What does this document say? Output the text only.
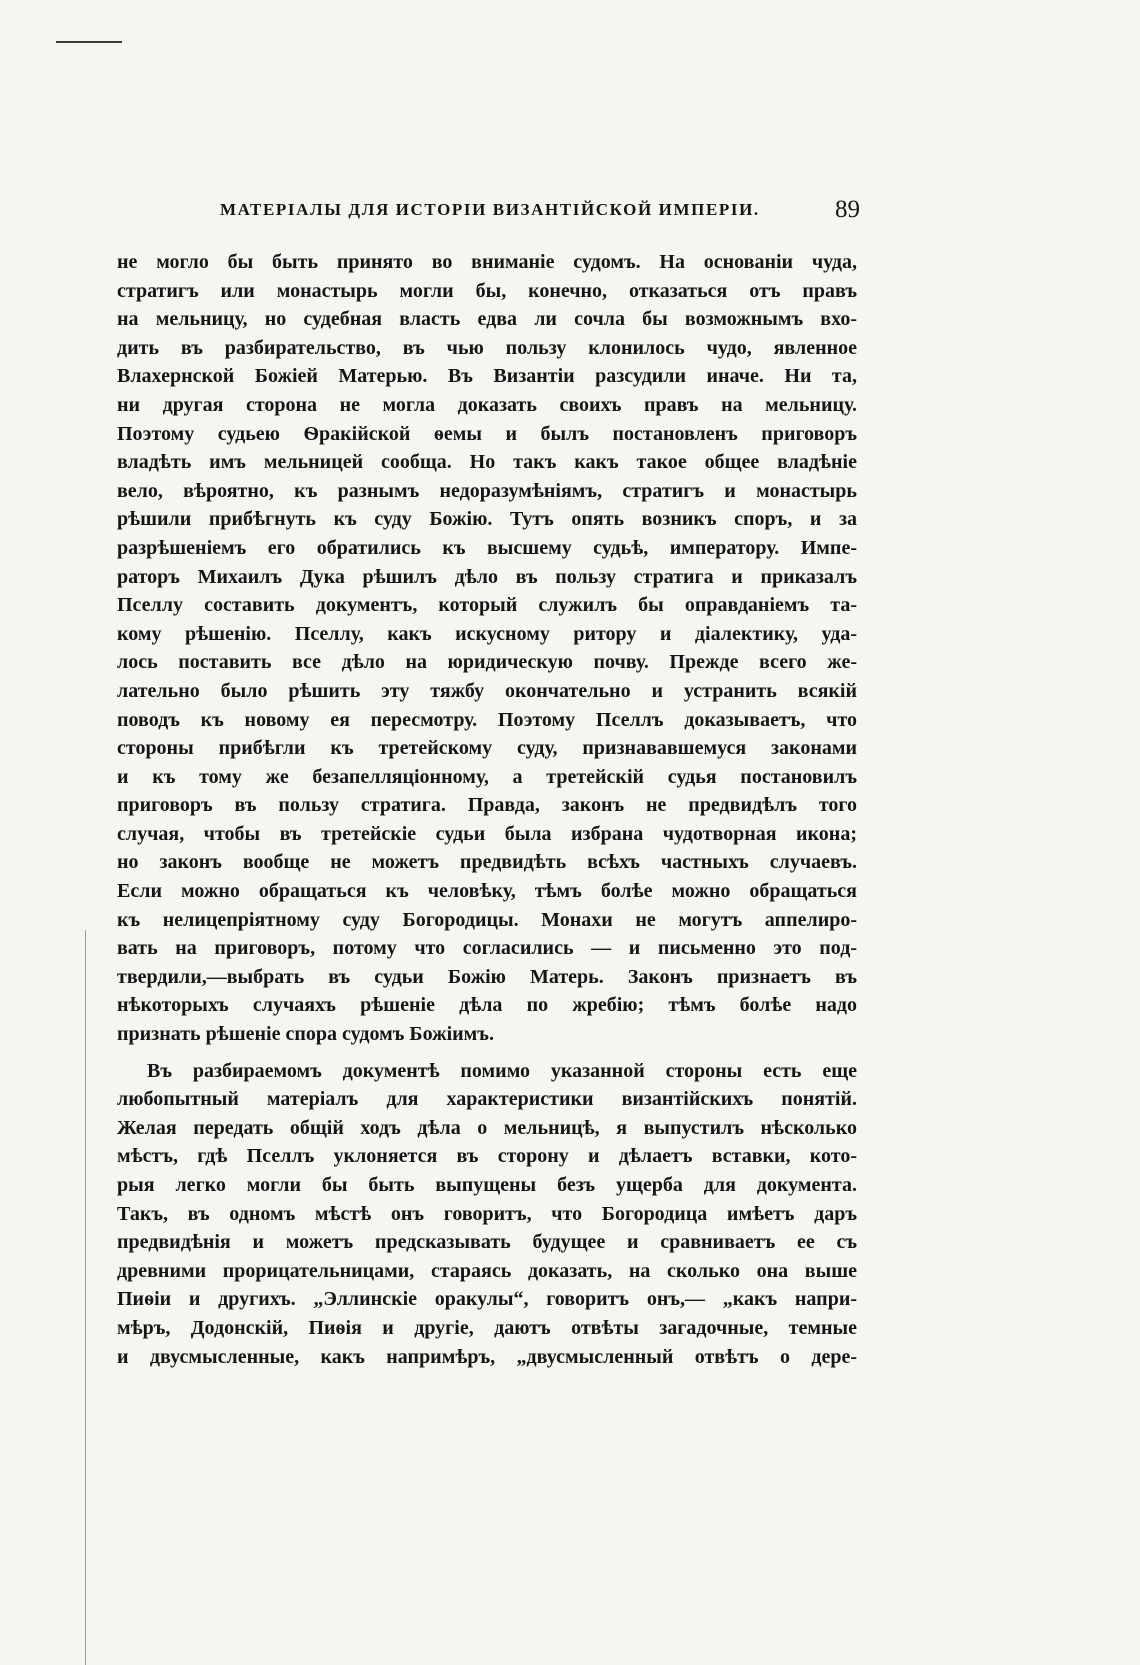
МАТЕРІАЛЫ ДЛЯ ИСТОРІИ ВИЗАНТІЙСКОЙ ИМПЕРІИ.	89
не могло бы быть принято во вниманіе судомъ. На основаніи чуда,
стратигъ или монастырь могли бы, конечно, отказаться отъ правъ
на мельницу, но судебная власть едва ли сочла бы возможнымъ вхо-
дить въ разбирательство, въ чью пользу клонилось чудо, явленное
Влахернской Божіей Матерью. Въ Византіи разсудили иначе. Ни та,
ни другая сторона не могла доказать своихъ правъ на мельницу.
Поэтому судьею Ѳракійской ѳемы и былъ постановленъ приговоръ
владѣть имъ мельницей сообща. Но такъ какъ такое общее владѣніе
вело, вѣроятно, къ разнымъ недоразумѣніямъ, стратигъ и монастырь
рѣшили прибѣгнуть къ суду Божію. Тутъ опять возникъ споръ, и за
разрѣшеніемъ его обратились къ высшему судьѣ, императору. Импе-
раторъ Михаилъ Дука рѣшилъ дѣло въ пользу стратига и приказалъ
Пселлу составить документъ, который служилъ бы оправданіемъ та-
кому рѣшенію. Пселлу, какъ искусному ритору и діалектику, уда-
лось поставить все дѣло на юридическую почву. Прежде всего же-
лательно было рѣшить эту тяжбу окончательно и устранить всякій
поводъ къ новому ея пересмотру. Поэтому Пселлъ доказываетъ, что
стороны прибѣгли къ третейскому суду, признававшемуся законами
и къ тому же безапелляціонному, а третейскій судья постановилъ
приговоръ въ пользу стратига. Правда, законъ не предвидѣлъ того
случая, чтобы въ третейскіе судьи была избрана чудотворная икона;
но законъ вообще не можетъ предвидѣть всѣхъ частныхъ случаевъ.
Если можно обращаться къ человѣку, тѣмъ болѣе можно обращаться
къ нелицепріятному суду Богородицы. Монахи не могутъ аппелиро-
вать на приговоръ, потому что согласились — и письменно это под-
твердили,—выбрать въ судьи Божію Матерь. Законъ признаетъ въ
нѣкоторыхъ случаяхъ рѣшеніе дѣла по жребію; тѣмъ болѣе надо
признать рѣшеніе спора судомъ Божіимъ.
Въ разбираемомъ документѣ помимо указанной стороны есть еще
любопытный матеріалъ для характеристики византійскихъ понятій.
Желая передать общій ходъ дѣла о мельницѣ, я выпустилъ нѣсколько
мѣстъ, гдѣ Пселлъ уклоняется въ сторону и дѣлаетъ вставки, кото-
рыя легко могли бы быть выпущены безъ ущерба для документа.
Такъ, въ одномъ мѣстѣ онъ говоритъ, что Богородица имѣетъ даръ
предвидѣнія и можетъ предсказывать будущее и сравниваетъ ее съ
древними прорицательницами, стараясь доказать, на сколько она выше
Пиѳіи и другихъ. „Эллинскіе оракулы“, говоритъ онъ,— „какъ напри-
мѣръ, Додонскій, Пиѳія и другіе, даютъ отвѣты загадочные, темные
и двусмысленные, какъ напримѣръ, „двусмысленный отвѣтъ о дере-
